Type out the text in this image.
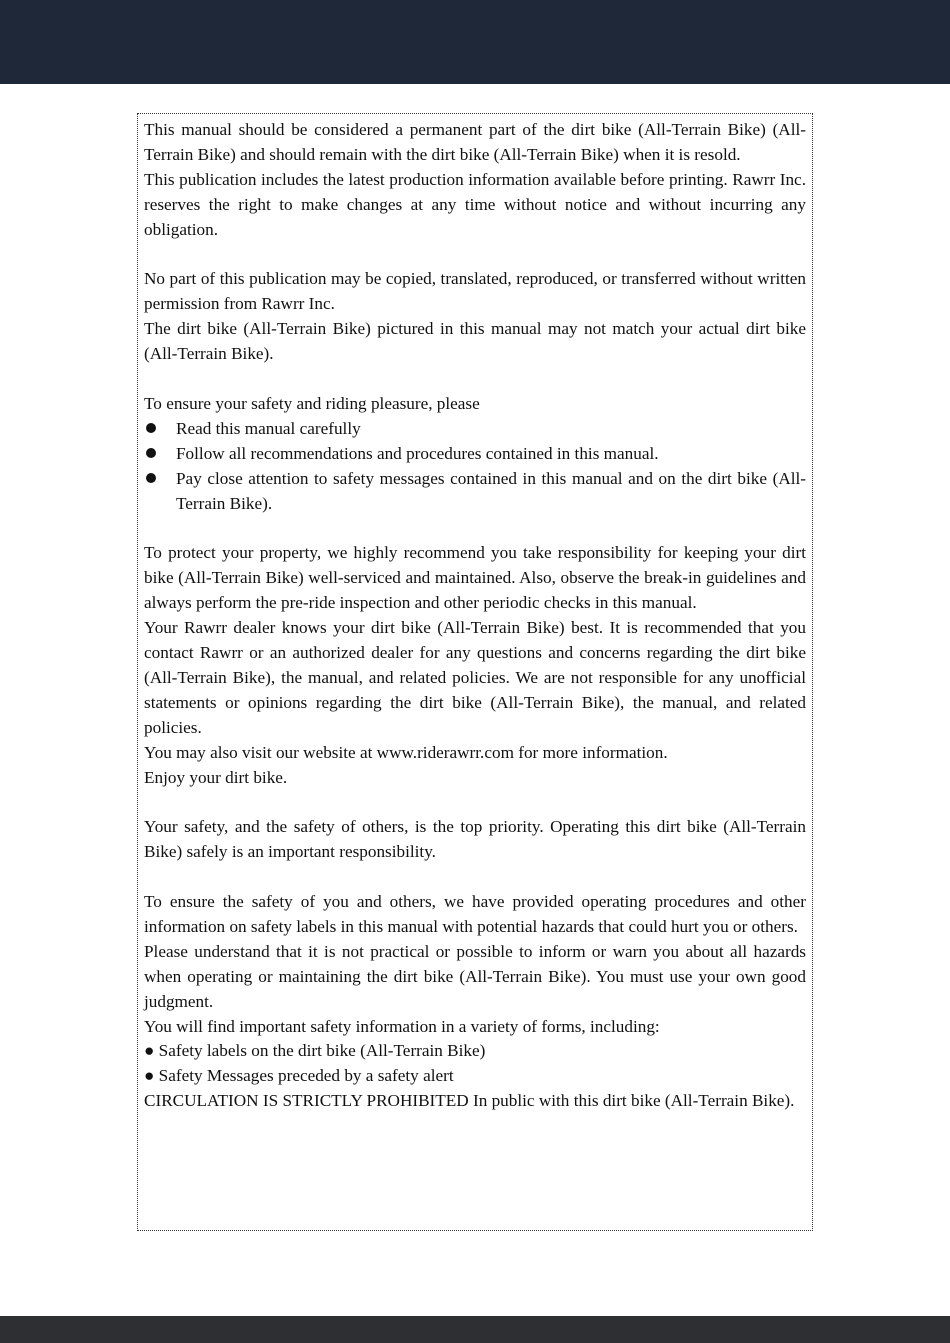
This manual should be considered a permanent part of the dirt bike (All-Terrain Bike) (All-Terrain Bike) and should remain with the dirt bike (All-Terrain Bike) when it is resold.

This publication includes the latest production information available before printing. Rawrr Inc. reserves the right to make changes at any time without notice and without incurring any obligation.

No part of this publication may be copied, translated, reproduced, or transferred without written permission from Rawrr Inc.

The dirt bike (All-Terrain Bike) pictured in this manual may not match your actual dirt bike (All-Terrain Bike).

To ensure your safety and riding pleasure, please

Read this manual carefully
Follow all recommendations and procedures contained in this manual.
Pay close attention to safety messages contained in this manual and on the dirt bike (All-Terrain Bike).

To protect your property, we highly recommend you take responsibility for keeping your dirt bike (All-Terrain Bike) well-serviced and maintained. Also, observe the break-in guidelines and always perform the pre-ride inspection and other periodic checks in this manual.

Your Rawrr dealer knows your dirt bike (All-Terrain Bike) best. It is recommended that you contact Rawrr or an authorized dealer for any questions and concerns regarding the dirt bike (All-Terrain Bike), the manual, and related policies. We are not responsible for any unofficial statements or opinions regarding the dirt bike (All-Terrain Bike), the manual, and related policies.

You may also visit our website at www.riderawrr.com for more information.

Enjoy your dirt bike.

Your safety, and the safety of others, is the top priority. Operating this dirt bike (All-Terrain Bike) safely is an important responsibility.

To ensure the safety of you and others, we have provided operating procedures and other information on safety labels in this manual with potential hazards that could hurt you or others.

Please understand that it is not practical or possible to inform or warn you about all hazards when operating or maintaining the dirt bike (All-Terrain Bike). You must use your own good judgment.

You will find important safety information in a variety of forms, including:

● Safety labels on the dirt bike (All-Terrain Bike)

● Safety Messages preceded by a safety alert

CIRCULATION IS STRICTLY PROHIBITED In public with this dirt bike (All-Terrain Bike).
